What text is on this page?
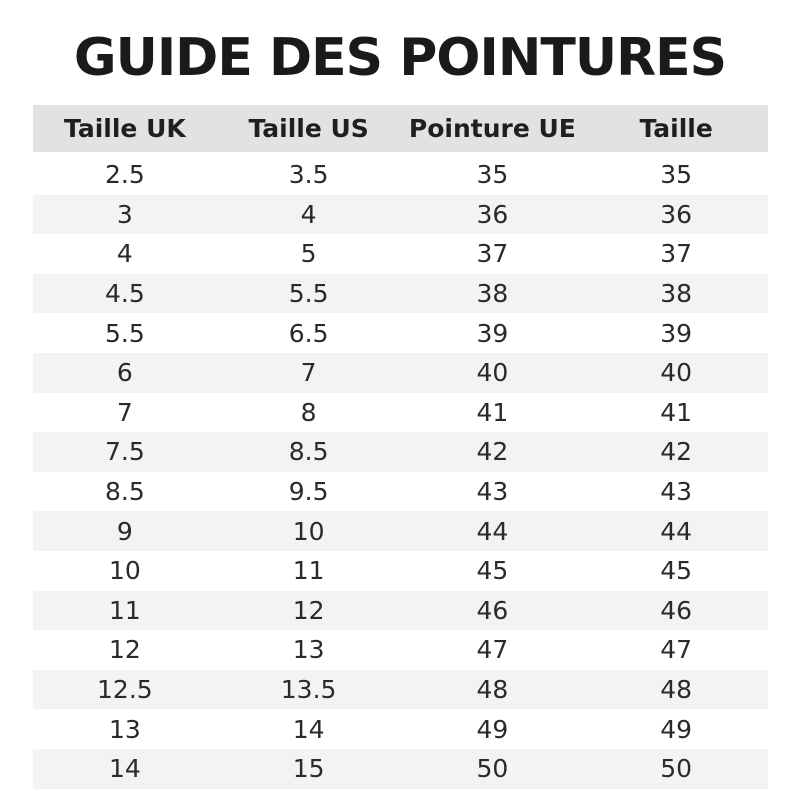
GUIDE DES POINTURES
Taille UK	Taille US	Pointure UE	Taille
2.5	3.5	35	35
3	4	36	36
4	5	37	37
4.5	5.5	38	38
5.5	6.5	39	39
6	7	40	40
7	8	41	41
7.5	8.5	42	42
8.5	9.5	43	43
9	10	44	44
10	11	45	45
11	12	46	46
12	13	47	47
12.5	13.5	48	48
13	14	49	49
14	15	50	50
